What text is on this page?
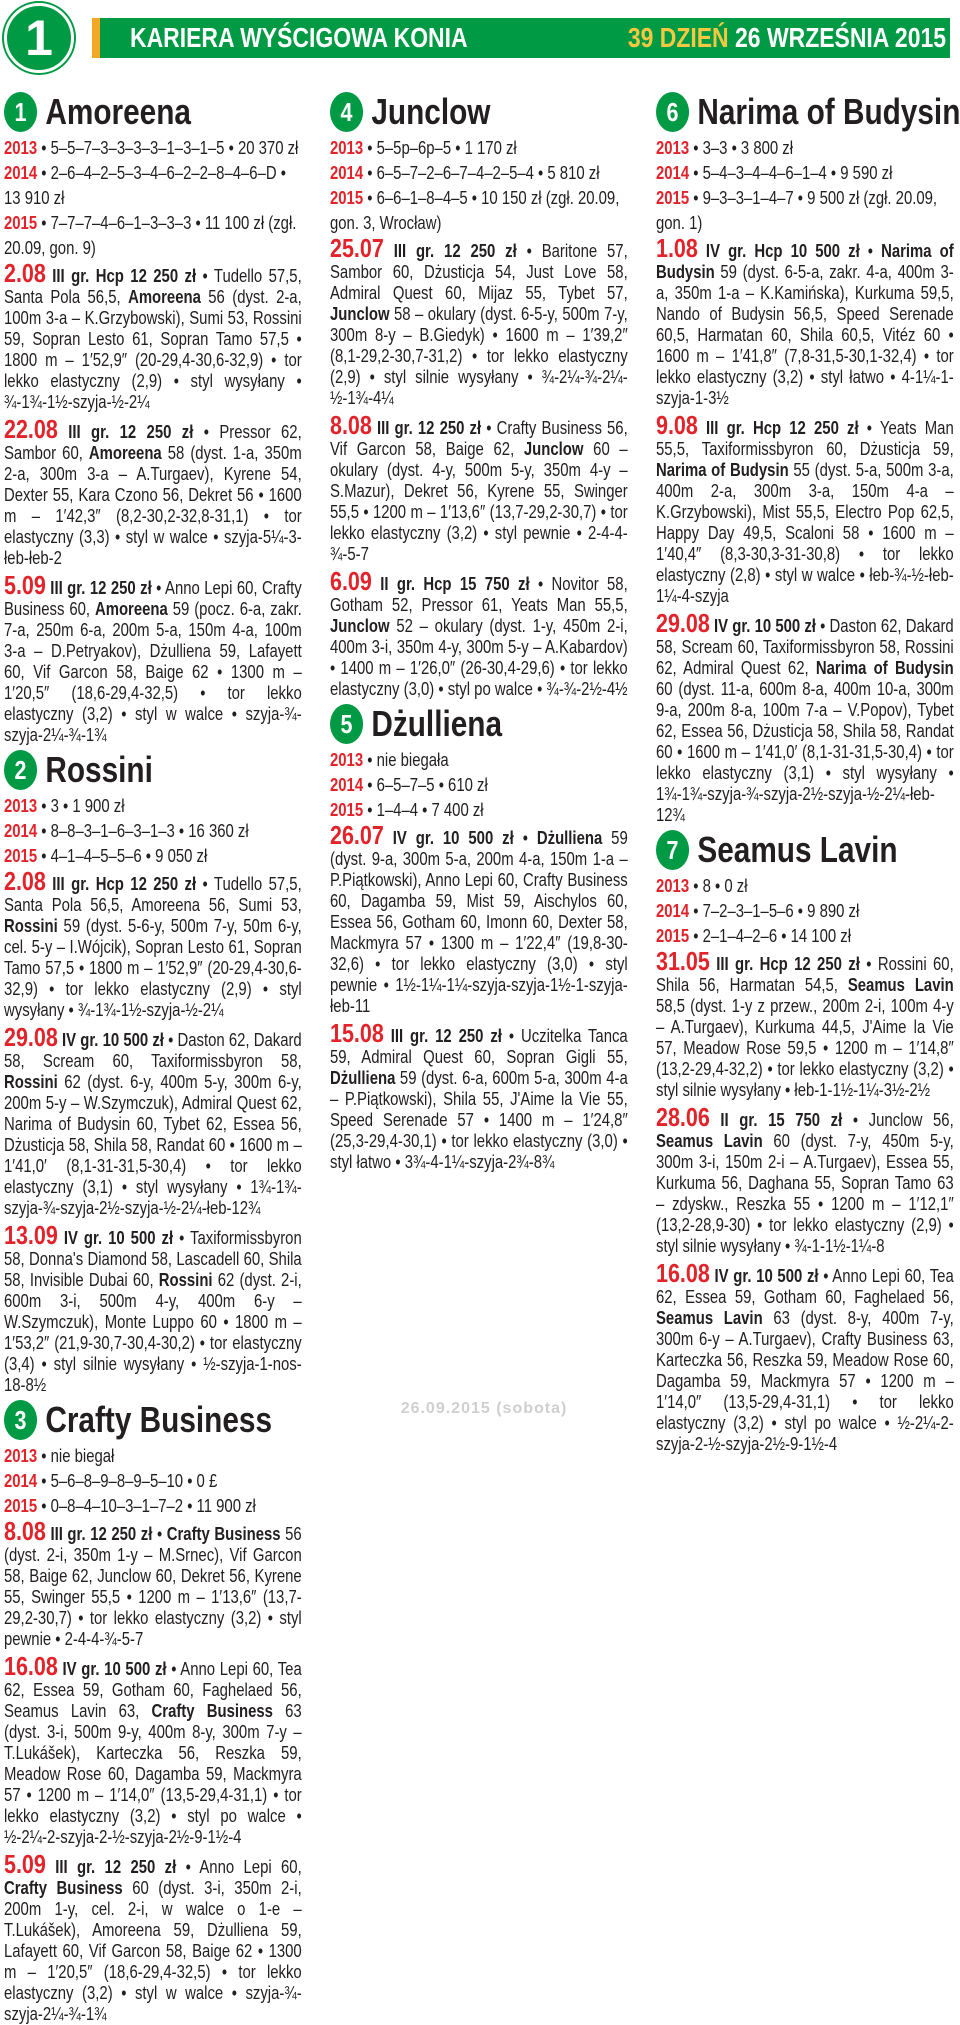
1	KARIERA WYŚCIGOWA KONIA	39 DZIEŃ 26 WRZEŚNIA 2015
1 Amoreena
2013 • 5–5–7–3–3–3–3–1–3–1–5 • 20 370 zł
2014 • 2–6–4–2–5–3–4–6–2–2–8–4–6–D • 13 910 zł
2015 • 7–7–7–4–6–1–3–3–3 • 11 100 zł (zgł. 20.09, gon. 9)
2.08 III gr. Hcp 12 250 zł • Tudello 57,5, Santa Pola 56,5, Amoreena 56 (dyst. 2-a, 100m 3-a – K.Grzybowski), Sumi 53, Rossini 59, Sopran Lesto 61, Sopran Tamo 57,5 • 1800 m – 1′52,9″ (20-29,4-30,6-32,9) • tor lekko elastyczny (2,9) • styl wysyłany • ¾-1¾-1½-szyja-½-2¼
22.08 III gr. 12 250 zł • Pressor 62, Sambor 60, Amoreena 58 (dyst. 1-a, 350m 2-a, 300m 3-a – A.Turgaev), Kyrene 54, Dexter 55, Kara Czono 56, Dekret 56 • 1600 m – 1′42,3″ (8,2-30,2-32,8-31,1) • tor elastyczny (3,3) • styl w walce • szyja-5¼-3-łeb-łeb-2
5.09 III gr. 12 250 zł • Anno Lepi 60, Crafty Business 60, Amoreena 59 (pocz. 6-a, zakr. 7-a, 250m 6-a, 200m 5-a, 150m 4-a, 100m 3-a – D.Petryakov), Dżulliena 59, Lafayett 60, Vif Garcon 58, Baige 62 • 1300 m – 1′20,5″ (18,6-29,4-32,5) • tor lekko elastyczny (3,2) • styl w walce • szyja-¾-szyja-2¼-¾-1¾
2 Rossini
2013 • 3 • 1 900 zł
2014 • 8–8–3–1–6–3–1–3 • 16 360 zł
2015 • 4–1–4–5–5–6 • 9 050 zł
2.08 III gr. Hcp 12 250 zł • Tudello 57,5, Santa Pola 56,5, Amoreena 56, Sumi 53, Rossini 59 (dyst. 5-6-y, 500m 7-y, 50m 6-y, cel. 5-y – I.Wójcik), Sopran Lesto 61, Sopran Tamo 57,5 • 1800 m – 1′52,9″ (20-29,4-30,6-32,9) • tor lekko elastyczny (2,9) • styl wysyłany • ¾-1¾-1½-szyja-½-2¼
29.08 IV gr. 10 500 zł • Daston 62, Dakard 58, Scream 60, Taxiformissbyron 58, Rossini 62 (dyst. 6-y, 400m 5-y, 300m 6-y, 200m 5-y – W.Szymczuk), Admiral Quest 62, Narima of Budysin 60, Tybet 62, Essea 56, Dżusticja 58, Shila 58, Randat 60 • 1600 m – 1′41,0′ (8,1-31-31,5-30,4) • tor lekko elastyczny (3,1) • styl wysyłany • 1¾-1¾-szyja-¾-szyja-2½-szyja-½-2¼-łeb-12¾
13.09 IV gr. 10 500 zł • Taxiformissbyron 58, Donna's Diamond 58, Lascadell 60, Shila 58, Invisible Dubai 60, Rossini 62 (dyst. 2-i, 600m 3-i, 500m 4-y, 400m 6-y – W.Szymczuk), Monte Luppo 60 • 1800 m – 1′53,2″ (21,9-30,7-30,4-30,2) • tor elastyczny (3,4) • styl silnie wysyłany • ½-szyja-1-nos-18-8½
3 Crafty Business
2013 • nie biegał
2014 • 5–6–8–9–8–9–5–10 • 0 £
2015 • 0–8–4–10–3–1–7–2 • 11 900 zł
8.08 III gr. 12 250 zł • Crafty Business 56 (dyst. 2-i, 350m 1-y – M.Srnec), Vif Garcon 58, Baige 62, Junclow 60, Dekret 56, Kyrene 55, Swinger 55,5 • 1200 m – 1′13,6″ (13,7-29,2-30,7) • tor lekko elastyczny (3,2) • styl pewnie • 2-4-4-¾-5-7
16.08 IV gr. 10 500 zł • Anno Lepi 60, Tea 62, Essea 59, Gotham 60, Faghelaed 56, Seamus Lavin 63, Crafty Business 63 (dyst. 3-i, 500m 9-y, 400m 8-y, 300m 7-y – T.Lukášek), Karteczka 56, Reszka 59, Meadow Rose 60, Dagamba 59, Mackmyra 57 • 1200 m – 1′14,0″ (13,5-29,4-31,1) • tor lekko elastyczny (3,2) • styl po walce • ½-2¼-2-szyja-2-½-szyja-2½-9-1½-4
5.09 III gr. 12 250 zł • Anno Lepi 60, Crafty Business 60 (dyst. 3-i, 350m 2-i, 200m 1-y, cel. 2-i, w walce o 1-e – T.Lukášek), Amoreena 59, Dżulliena 59, Lafayett 60, Vif Garcon 58, Baige 62 • 1300 m – 1′20,5″ (18,6-29,4-32,5) • tor lekko elastyczny (3,2) • styl w walce • szyja-¾-szyja-2¼-¾-1¾
4 Junclow
2013 • 5–5p–6p–5 • 1 170 zł
2014 • 6–5–7–2–6–7–4–2–5–4 • 5 810 zł
2015 • 6–6–1–8–4–5 • 10 150 zł (zgł. 20.09, gon. 3, Wrocław)
25.07 III gr. 12 250 zł • Baritone 57, Sambor 60, Dżusticja 54, Just Love 58, Admiral Quest 60, Mijaz 55, Tybet 57, Junclow 58 – okulary (dyst. 6-5-y, 500m 7-y, 300m 8-y – B.Giedyk) • 1600 m – 1′39,2″ (8,1-29,2-30,7-31,2) • tor lekko elastyczny (2,9) • styl silnie wysyłany • ¾-2¼-¾-2¼-½-1¾-4¼
8.08 III gr. 12 250 zł • Crafty Business 56, Vif Garcon 58, Baige 62, Junclow 60 – okulary (dyst. 4-y, 500m 5-y, 350m 4-y – S.Mazur), Dekret 56, Kyrene 55, Swinger 55,5 • 1200 m – 1′13,6″ (13,7-29,2-30,7) • tor lekko elastyczny (3,2) • styl pewnie • 2-4-4-¾-5-7
6.09 II gr. Hcp 15 750 zł • Novitor 58, Gotham 52, Pressor 61, Yeats Man 55,5, Junclow 52 – okulary (dyst. 1-y, 450m 2-i, 400m 3-i, 350m 4-y, 300m 5-y – A.Kabardov) • 1400 m – 1′26,0″ (26-30,4-29,6) • tor lekko elastyczny (3,0) • styl po walce • ¾-¾-2½-4½
5 Dżulliena
2013 • nie biegała
2014 • 6–5–7–5 • 610 zł
2015 • 1–4–4 • 7 400 zł
26.07 IV gr. 10 500 zł • Dżulliena 59 (dyst. 9-a, 300m 5-a, 200m 4-a, 150m 1-a – P.Piątkowski), Anno Lepi 60, Crafty Business 60, Dagamba 59, Mist 59, Aischylos 60, Essea 56, Gotham 60, Imonn 60, Dexter 58, Mackmyra 57 • 1300 m – 1′22,4″ (19,8-30-32,6) • tor lekko elastyczny (3,0) • styl pewnie • 1½-1¼-1¼-szyja-szyja-1½-1-szyja-łeb-11
15.08 III gr. 12 250 zł • Uczitelka Tanca 59, Admiral Quest 60, Sopran Gigli 55, Dżulliena 59 (dyst. 6-a, 600m 5-a, 300m 4-a – P.Piątkowski), Shila 55, J'Aime la Vie 55, Speed Serenade 57 • 1400 m – 1′24,8″ (25,3-29,4-30,1) • tor lekko elastyczny (3,0) • styl łatwo • 3¾-4-1¼-szyja-2¾-8¾
6 Narima of Budysin
2013 • 3–3 • 3 800 zł
2014 • 5–4–3–4–4–6–1–4 • 9 590 zł
2015 • 9–3–3–1–4–7 • 9 500 zł (zgł. 20.09, gon. 1)
1.08 IV gr. Hcp 10 500 zł • Narima of Budysin 59 (dyst. 6-5-a, zakr. 4-a, 400m 3-a, 350m 1-a – K.Kamińska), Kurkuma 59,5, Nando of Budysin 56,5, Speed Serenade 60,5, Harmatan 60, Shila 60,5, Vitéz 60 • 1600 m – 1′41,8″ (7,8-31,5-30,1-32,4) • tor lekko elastyczny (3,2) • styl łatwo • 4-1¼-1-szyja-1-3½
9.08 III gr. Hcp 12 250 zł • Yeats Man 55,5, Taxiformissbyron 60, Dżusticja 59, Narima of Budysin 55 (dyst. 5-a, 500m 3-a, 400m 2-a, 300m 3-a, 150m 4-a – K.Grzybowski), Mist 55,5, Electro Pop 62,5, Happy Day 49,5, Scaloni 58 • 1600 m – 1′40,4″ (8,3-30,3-31-30,8) • tor lekko elastyczny (2,8) • styl w walce • łeb-¾-½-łeb-1¼-4-szyja
29.08 IV gr. 10 500 zł • Daston 62, Dakard 58, Scream 60, Taxiformissbyron 58, Rossini 62, Admiral Quest 62, Narima of Budysin 60 (dyst. 11-a, 600m 8-a, 400m 10-a, 300m 9-a, 200m 8-a, 100m 7-a – V.Popov), Tybet 62, Essea 56, Dżusticja 58, Shila 58, Randat 60 • 1600 m – 1′41,0′ (8,1-31-31,5-30,4) • tor lekko elastyczny (3,1) • styl wysyłany • 1¾-1¾-szyja-¾-szyja-2½-szyja-½-2¼-łeb-12¾
7 Seamus Lavin
2013 • 8 • 0 zł
2014 • 7–2–3–1–5–6 • 9 890 zł
2015 • 2–1–4–2–6 • 14 100 zł
31.05 III gr. Hcp 12 250 zł • Rossini 60, Shila 56, Harmatan 54,5, Seamus Lavin 58,5 (dyst. 1-y z przew., 200m 2-i, 100m 4-y – A.Turgaev), Kurkuma 44,5, J'Aime la Vie 57, Meadow Rose 59,5 • 1200 m – 1′14,8″ (13,2-29,4-32,2) • tor lekko elastyczny (3,2) • styl silnie wysyłany • łeb-1-1½-1¼-3½-2½
28.06 II gr. 15 750 zł • Junclow 56, Seamus Lavin 60 (dyst. 7-y, 450m 5-y, 300m 3-i, 150m 2-i – A.Turgaev), Essea 55, Kurkuma 56, Daghana 55, Sopran Tamo 63 – zdyskw., Reszka 55 • 1200 m – 1′12,1″ (13,2-28,9-30) • tor lekko elastyczny (2,9) • styl silnie wysyłany • ¾-1-1½-1¼-8
16.08 IV gr. 10 500 zł • Anno Lepi 60, Tea 62, Essea 59, Gotham 60, Faghelaed 56, Seamus Lavin 63 (dyst. 8-y, 400m 7-y, 300m 6-y – A.Turgaev), Crafty Business 63, Karteczka 56, Reszka 59, Meadow Rose 60, Dagamba 59, Mackmyra 57 • 1200 m – 1′14,0″ (13,5-29,4-31,1) • tor lekko elastyczny (3,2) • styl po walce • ½-2¼-2-szyja-2-½-szyja-2½-9-1½-4
26.09.2015 (sobota)
